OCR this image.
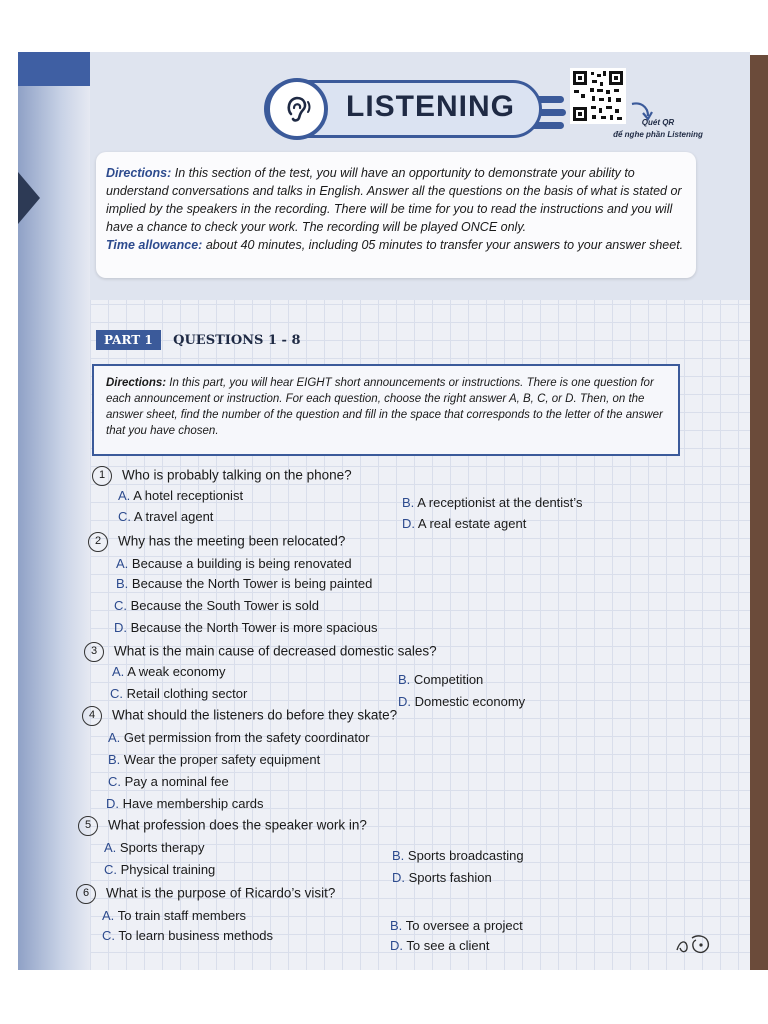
LISTENING	Quét QR
để nghe phần Listening
Directions: In this section of the test, you will have an opportunity to demonstrate your ability to understand conversations and talks in English. Answer all the questions on the basis of what is stated or implied by the speakers in the recording. There will be time for you to read the instructions and you will have a chance to check your work. The recording will be played ONCE only.
Time allowance: about 40 minutes, including 05 minutes to transfer your answers to your answer sheet.
PART 1 QUESTIONS 1 - 8
Directions: In this part, you will hear EIGHT short announcements or instructions. There is one question for each announcement or instruction. For each question, choose the right answer A, B, C, or D. Then, on the answer sheet, find the number of the question and fill in the space that corresponds to the letter of the answer that you have chosen.
1 Who is probably talking on the phone?
A. A hotel receptionist	B. A receptionist at the dentist’s
C. A travel agent	D. A real estate agent
2 Why has the meeting been relocated?
A. Because a building is being renovated
B. Because the North Tower is being painted
C. Because the South Tower is sold
D. Because the North Tower is more spacious
3 What is the main cause of decreased domestic sales?
A. A weak economy
B. Competition
C. Retail clothing sector
D. Domestic economy
4 What should the listeners do before they skate?
A. Get permission from the safety coordinator
B. Wear the proper safety equipment
C. Pay a nominal fee
D. Have membership cards
5 What profession does the speaker work in?
A. Sports therapy
B. Sports broadcasting
C. Physical training
D. Sports fashion
6 What is the purpose of Ricardo’s visit?
A. To train staff members
B. To oversee a project
C. To learn business methods
D. To see a client
